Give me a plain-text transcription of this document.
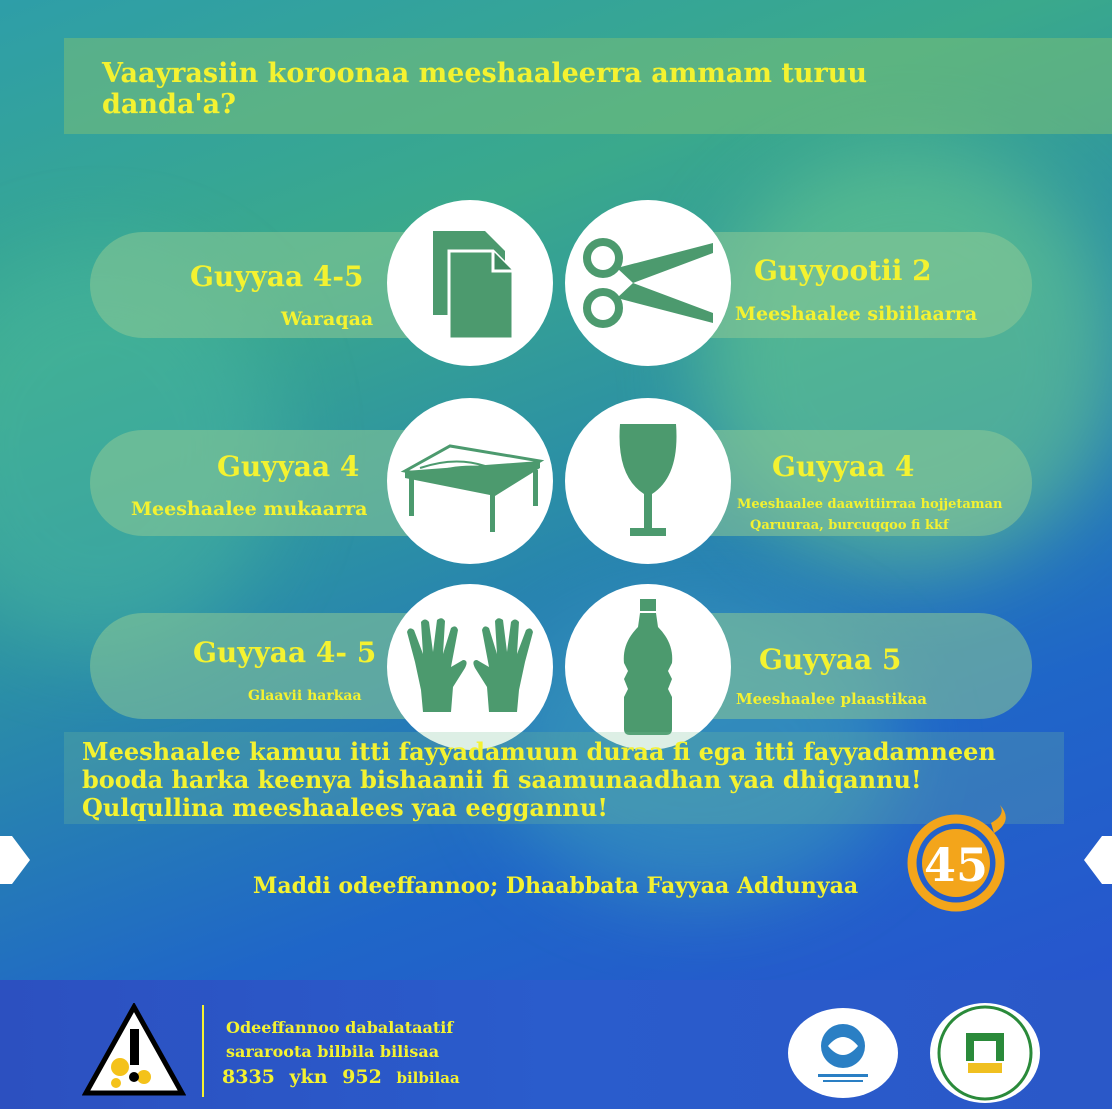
Vaayrasiin koroonaa meeshaaleerra ammam turuu danda'a?
Guyyaa 4-5
Waraqaa
Guyyootii 2
Meeshaalee sibiilaarra
Guyyaa 4
Meeshaalee mukaarra
Guyyaa 4
Meeshaalee daawitiirraa hojjetaman
Qaruuraa, burcuqqoo fi kkf
Guyyaa 4- 5
Glaavii harkaa
Guyyaa 5
Meeshaalee plaastikaa
Meeshaalee kamuu itti fayyadamuun duraa fi ega itti fayyadamneen booda harka keenya bishaanii fi saamunaadhan yaa dhiqannu! Qulqullina meeshaalees yaa eeggannu!
Maddi odeeffannoo; Dhaabbata Fayyaa Addunyaa 45
Odeeffannoo dabalataatif
sararoota bilbila bilisaa
8335 ykn 952 bilbilaa
